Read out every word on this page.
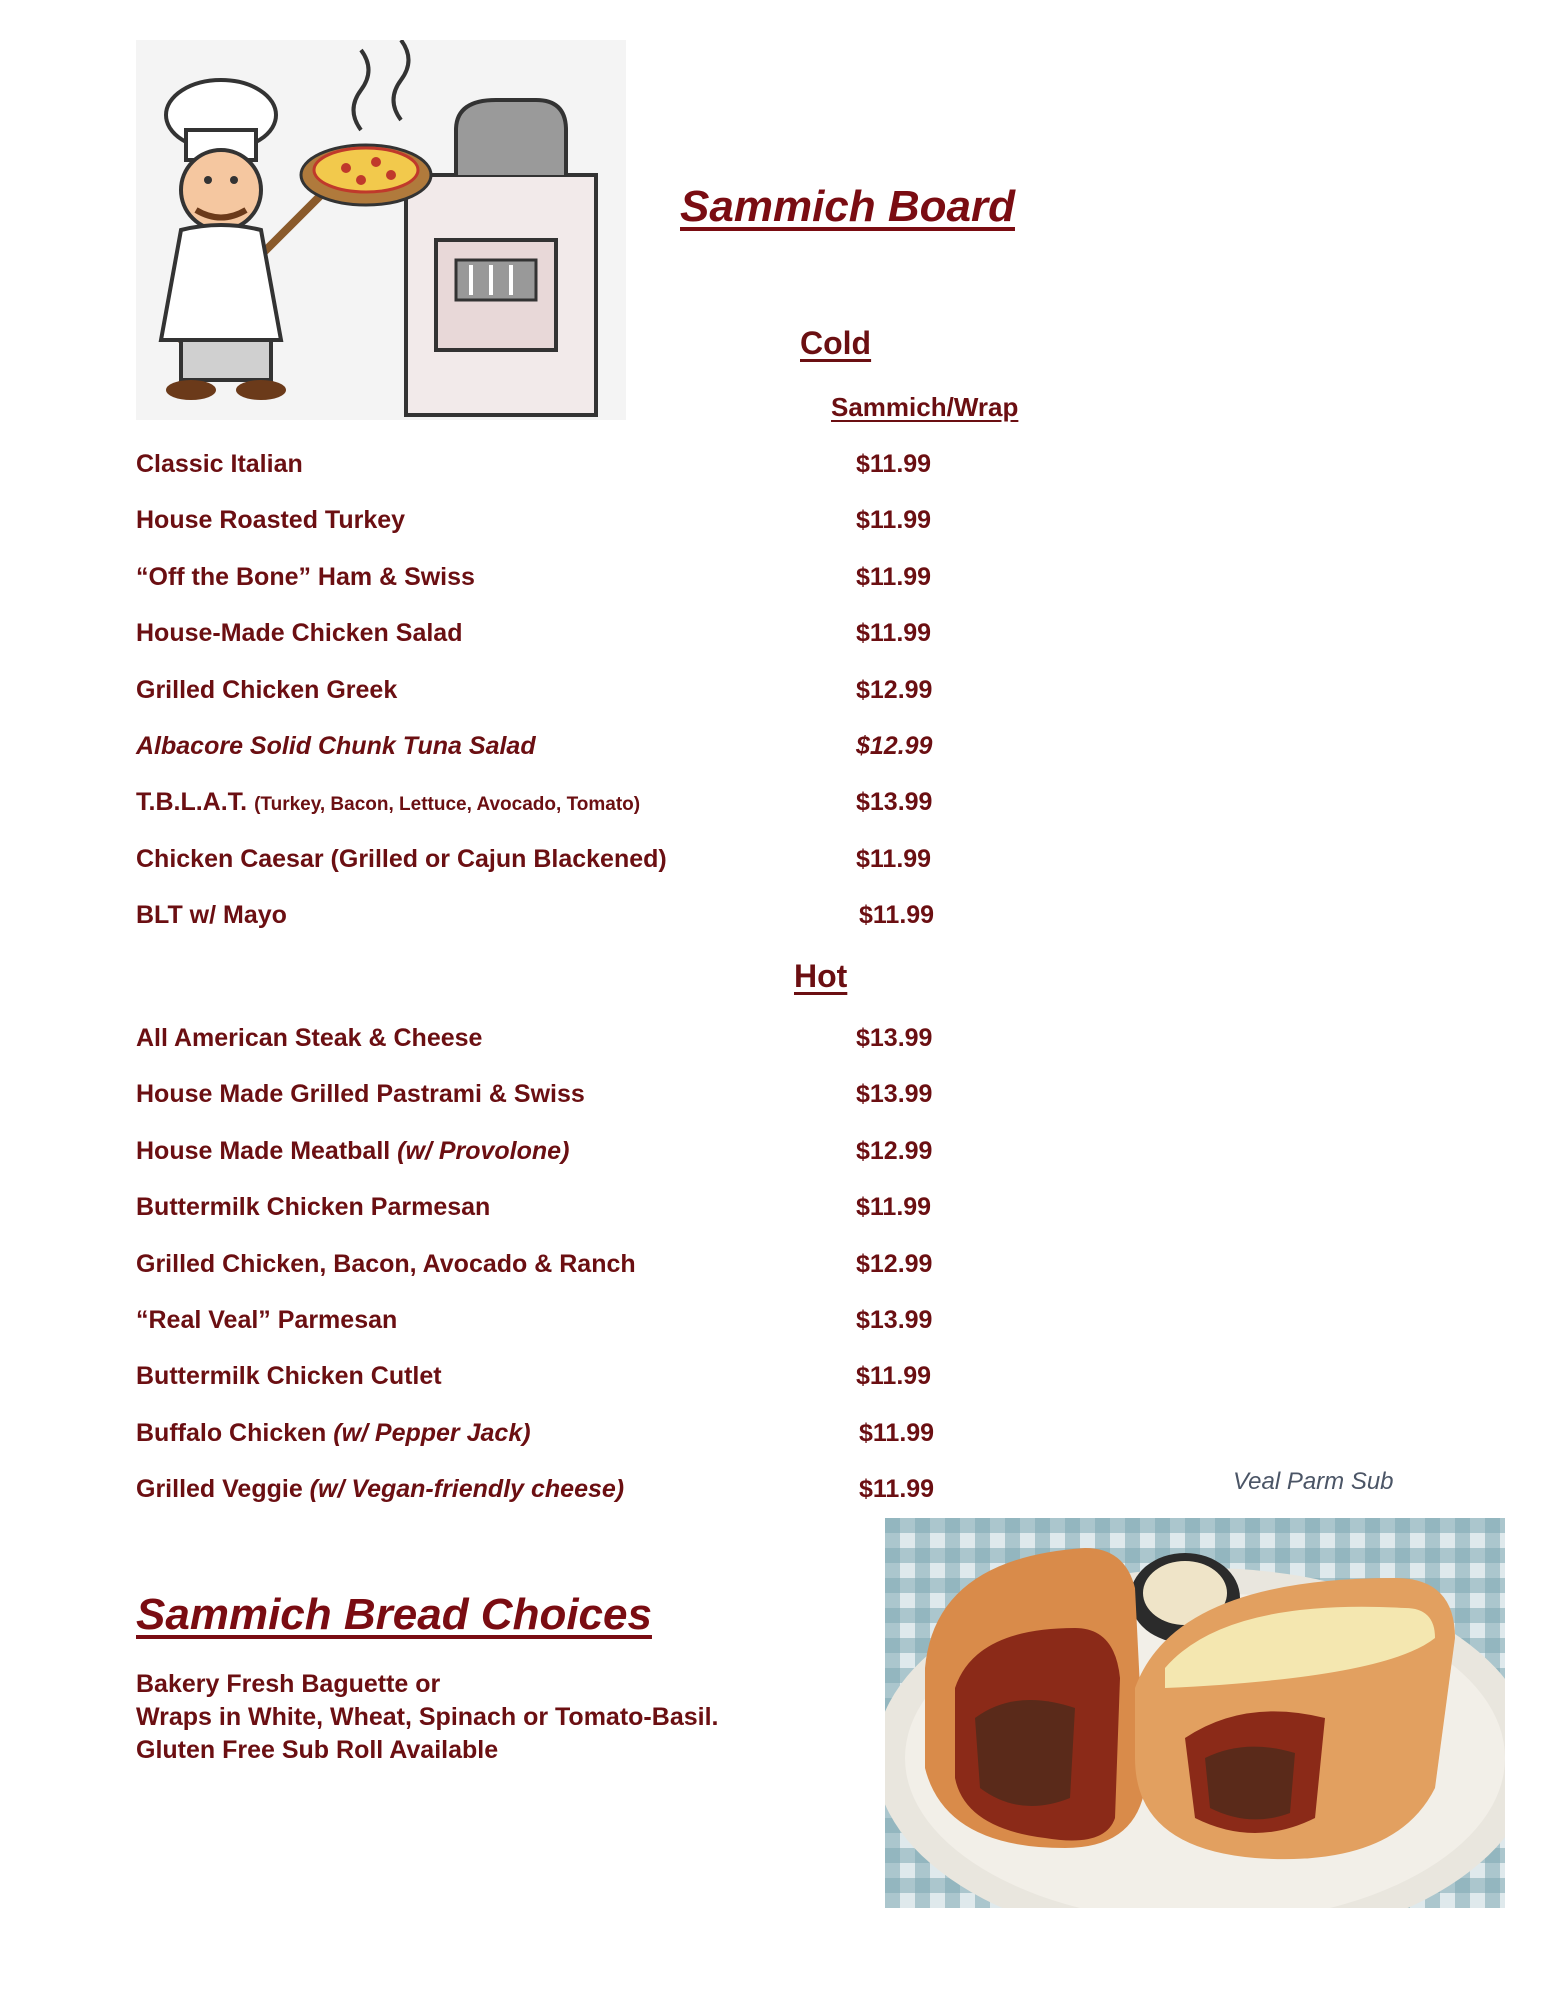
Sammich Board
Cold
Sammich/Wrap
Classic Italian	$11.99
House Roasted Turkey	$11.99
“Off the Bone” Ham & Swiss	$11.99
House-Made Chicken Salad	$11.99
Grilled Chicken Greek	$12.99
Albacore Solid Chunk Tuna Salad	$12.99
T.B.L.A.T. (Turkey, Bacon, Lettuce, Avocado, Tomato)	$13.99
Chicken Caesar (Grilled or Cajun Blackened)	$11.99
BLT w/ Mayo	$11.99
Hot
All American Steak & Cheese	$13.99
House Made Grilled Pastrami & Swiss	$13.99
House Made Meatball (w/ Provolone)	$12.99
Buttermilk Chicken Parmesan	$11.99
Grilled Chicken, Bacon, Avocado & Ranch	$12.99
“Real Veal” Parmesan	$13.99
Buttermilk Chicken Cutlet	$11.99
Buffalo Chicken (w/ Pepper Jack)	$11.99
Grilled Veggie (w/ Vegan-friendly cheese)	$11.99
Sammich Bread Choices
Bakery Fresh Baguette or
Wraps in White, Wheat, Spinach or Tomato-Basil.
Gluten Free Sub Roll Available
Veal Parm Sub
